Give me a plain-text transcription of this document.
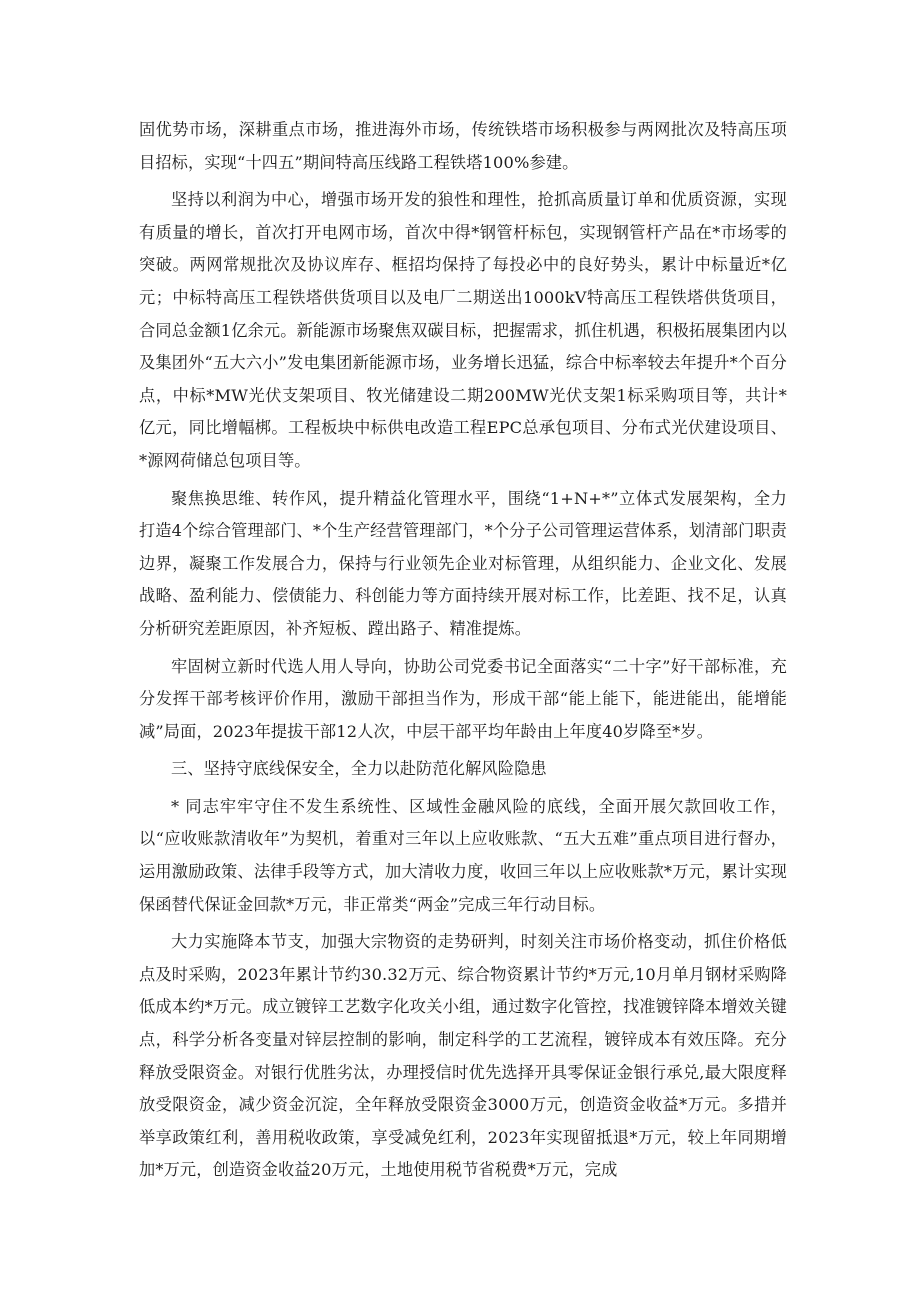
固优势市场，深耕重点市场，推进海外市场，传统铁塔市场积极参与两网批次及特高压项目招标，实现“十四五”期间特高压线路工程铁塔100%参建。

坚持以利润为中心，增强市场开发的狼性和理性，抢抓高质量订单和优质资源，实现有质量的增长，首次打开电网市场，首次中得*钢管杆标包，实现钢管杆产品在*市场零的突破。两网常规批次及协议库存、框招均保持了每投必中的良好势头，累计中标量近*亿元；中标特高压工程铁塔供货项目以及电厂二期送出1000kV特高压工程铁塔供货项目，合同总金额1亿余元。新能源市场聚焦双碳目标，把握需求，抓住机遇，积极拓展集团内以及集团外“五大六小”发电集团新能源市场，业务增长迅猛，综合中标率较去年提升*个百分点，中标*MW光伏支架项目、牧光储建设二期200MW光伏支架1标采购项目等，共计*亿元，同比增幅梆。工程板块中标供电改造工程EPC总承包项目、分布式光伏建设项目、*源网荷储总包项目等。

聚焦换思维、转作风，提升精益化管理水平，围绕“1+N+*”立体式发展架构，全力打造4个综合管理部门、*个生产经营管理部门，*个分子公司管理运营体系，划清部门职责边界，凝聚工作发展合力，保持与行业领先企业对标管理，从组织能力、企业文化、发展战略、盈利能力、偿债能力、科创能力等方面持续开展对标工作，比差距、找不足，认真分析研究差距原因，补齐短板、蹚出路子、精准提炼。

牢固树立新时代选人用人导向，协助公司党委书记全面落实“二十字”好干部标准，充分发挥干部考核评价作用，激励干部担当作为，形成干部“能上能下，能进能出，能增能减”局面，2023年提拔干部12人次，中层干部平均年龄由上年度40岁降至*岁。

三、坚持守底线保安全，全力以赴防范化解风险隐患

* 同志牢牢守住不发生系统性、区域性金融风险的底线，全面开展欠款回收工作，以“应收账款清收年”为契机，着重对三年以上应收账款、“五大五难”重点项目进行督办，运用激励政策、法律手段等方式，加大清收力度，收回三年以上应收账款*万元，累计实现保函替代保证金回款*万元，非正常类“两金”完成三年行动目标。

大力实施降本节支，加强大宗物资的走势研判，时刻关注市场价格变动，抓住价格低点及时采购，2023年累计节约30.32万元、综合物资累计节约*万元,10月单月钢材采购降低成本约*万元。成立镀锌工艺数字化攻关小组，通过数字化管控，找准镀锌降本增效关键点，科学分析各变量对锌层控制的影响，制定科学的工艺流程，镀锌成本有效压降。充分释放受限资金。对银行优胜劣汰，办理授信时优先选择开具零保证金银行承兑,最大限度释放受限资金，减少资金沉淀，全年释放受限资金3000万元，创造资金收益*万元。多措并举享政策红利，善用税收政策，享受减免红利，2023年实现留抵退*万元，较上年同期增加*万元，创造资金收益20万元，土地使用税节省税费*万元，完成
